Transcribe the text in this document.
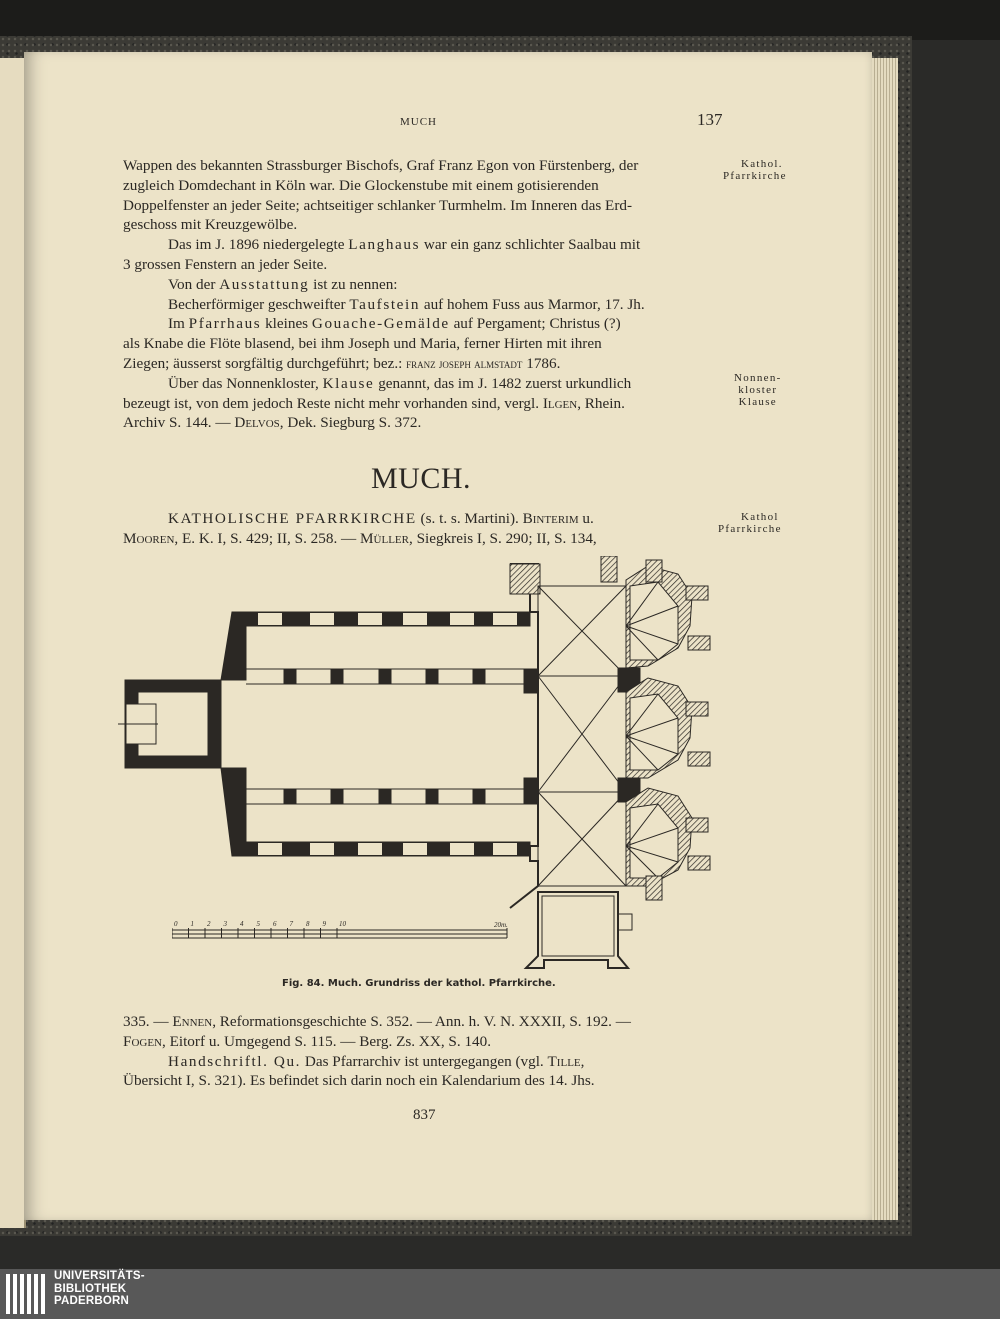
MUCH	137
Kathol.
Pfarrkirche
Nonnen-
kloster
Klause
Kathol
Pfarrkirche

Wappen des bekannten Strassburger Bischofs, Graf Franz Egon von Fürstenberg, der

zugleich Domdechant in Köln war. Die Glockenstube mit einem gotisierenden

Doppelfenster an jeder Seite; achtseitiger schlanker Turmhelm. Im Inneren das Erd-

geschoss mit Kreuzgewölbe.

Das im J. 1896 niedergelegte Langhaus war ein ganz schlichter Saalbau mit

3 grossen Fenstern an jeder Seite.

Von der Ausstattung ist zu nennen:

Becherförmiger geschweifter Taufstein auf hohem Fuss aus Marmor, 17. Jh.

Im Pfarrhaus kleines Gouache-Gemälde auf Pergament; Christus (?)

als Knabe die Flöte blasend, bei ihm Joseph und Maria, ferner Hirten mit ihren

Ziegen; äusserst sorgfältig durchgeführt; bez.: franz joseph almstadt 1786.

Über das Nonnenkloster, Klause genannt, das im J. 1482 zuerst urkundlich

bezeugt ist, von dem jedoch Reste nicht mehr vorhanden sind, vergl. Ilgen, Rhein.

Archiv S. 144. — Delvos, Dek. Siegburg S. 372.

MUCH.

KATHOLISCHE PFARRKIRCHE (s. t. s. Martini). Binterim u.

Mooren, E. K. I, S. 429; II, S. 258. — Müller, Siegkreis I, S. 290; II, S. 134,

0 1 2 3 4 5 6 7 8 9 10	20m.
Fig. 84. Much. Grundriss der kathol. Pfarrkirche.

335. — Ennen, Reformationsgeschichte S. 352. — Ann. h. V. N. XXXII, S. 192. —

Fogen, Eitorf u. Umgegend S. 115. — Berg. Zs. XX, S. 140.

Handschriftl. Qu. Das Pfarrarchiv ist untergegangen (vgl. Tille,

Übersicht I, S. 321). Es befindet sich darin noch ein Kalendarium des 14. Jhs.

837
UNIVERSITÄTS-
BIBLIOTHEK
PADERBORN
